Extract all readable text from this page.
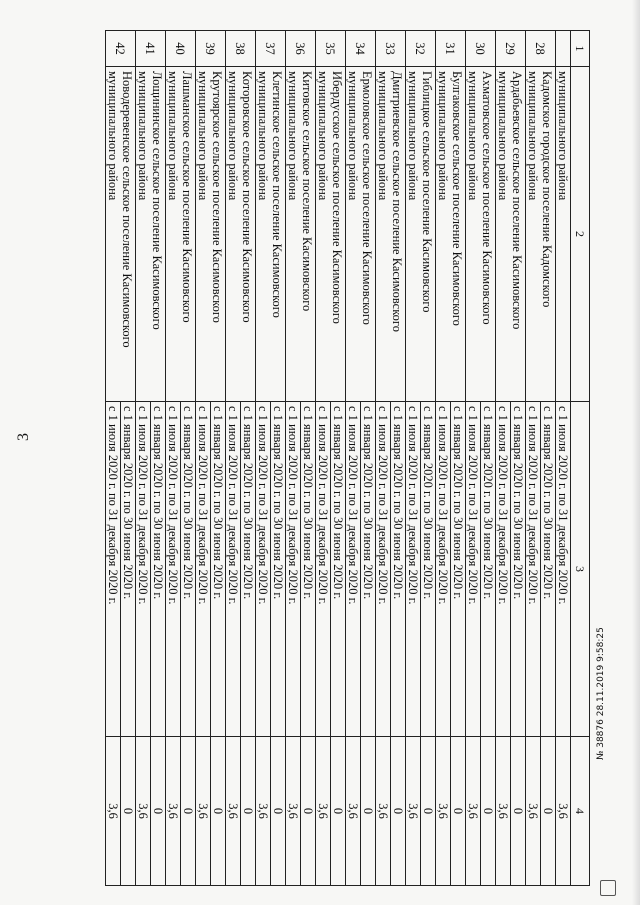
3
1	2	3	4
	муниципального района	с 1 июля 2020 г. по 31 декабря 2020 г.	3,6
28	Кадомское городское поселение Кадомского муниципального района	с 1 января 2020 г. по 30 июня 2020 г.	0
		с 1 июля 2020 г. по 31 декабря 2020 г.	3,6
29	Ардабьевское сельское поселение Касимовского муниципального района	с 1 января 2020 г. по 30 июня 2020 г.	0
		с 1 июля 2020 г. по 31 декабря 2020 г.	3,6
30	Ахматовское сельское поселение Касимовского муниципального района	с 1 января 2020 г. по 30 июня 2020 г.	0
		с 1 июля 2020 г. по 31 декабря 2020 г.	3,6
31	Булгаковское сельское поселение Касимовского муниципального района	с 1 января 2020 г. по 30 июня 2020 г.	0
		с 1 июля 2020 г. по 31 декабря 2020 г.	3,6
32	Гиблицкое сельское поселение Касимовского муниципального района	с 1 января 2020 г. по 30 июня 2020 г.	0
		с 1 июля 2020 г. по 31 декабря 2020 г.	3,6
33	Дмитриевское сельское поселение Касимовского муниципального района	с 1 января 2020 г. по 30 июня 2020 г.	0
		с 1 июля 2020 г. по 31 декабря 2020 г.	3,6
34	Ермоловское сельское поселение Касимовского муниципального района	с 1 января 2020 г. по 30 июня 2020 г.	0
		с 1 июля 2020 г. по 31 декабря 2020 г.	3,6
35	Ибердусское сельское поселение Касимовского муниципального района	с 1 января 2020 г. по 30 июня 2020 г.	0
		с 1 июля 2020 г. по 31 декабря 2020 г.	3,6
36	Китовское сельское поселение Касимовского муниципального района	с 1 января 2020 г. по 30 июня 2020 г.	0
		с 1 июля 2020 г. по 31 декабря 2020 г.	3,6
37	Клетинское сельское поселение Касимовского муниципального района	с 1 января 2020 г. по 30 июня 2020 г.	0
		с 1 июля 2020 г. по 31 декабря 2020 г.	3,6
38	Которовское сельское поселение Касимовского муниципального района	с 1 января 2020 г. по 30 июня 2020 г.	0
		с 1 июля 2020 г. по 31 декабря 2020 г.	3,6
39	Крутоярское сельское поселение Касимовского муниципального района	с 1 января 2020 г. по 30 июня 2020 г.	0
		с 1 июля 2020 г. по 31 декабря 2020 г.	3,6
40	Лашманское сельское поселение Касимовского муниципального района	с 1 января 2020 г. по 30 июня 2020 г.	0
		с 1 июля 2020 г. по 31 декабря 2020 г.	3,6
41	Лощининское сельское поселение Касимовского муниципального района	с 1 января 2020 г. по 30 июня 2020 г.	0
		с 1 июля 2020 г. по 31 декабря 2020 г.	3,6
42	Новодеревенское сельское поселение Касимовского муниципального района	с 1 января 2020 г. по 30 июня 2020 г.	0
		с 1 июля 2020 г. по 31 декабря 2020 г.	3,6
№ 38876 28.11.2019 9:58:25
